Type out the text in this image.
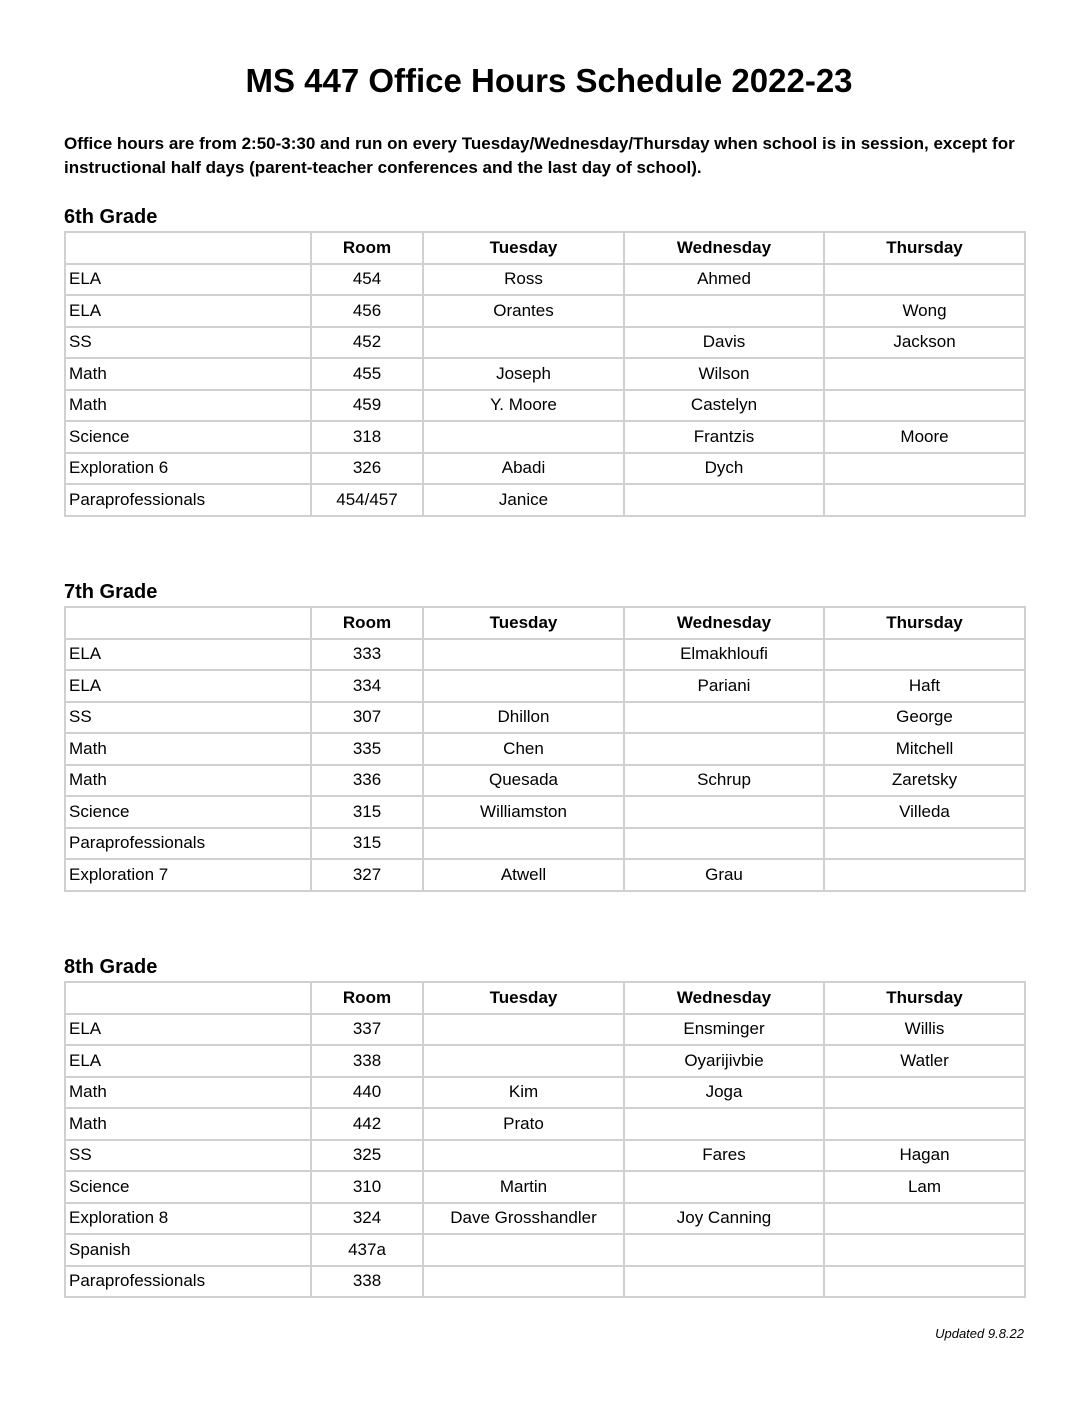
MS 447 Office Hours Schedule 2022-23

Office hours are from 2:50-3:30 and run on every Tuesday/Wednesday/Thursday when school is in session, except for instructional half days (parent-teacher conferences and the last day of school).

6th Grade
	Room	Tuesday	Wednesday	Thursday
ELA	454	Ross	Ahmed	
ELA	456	Orantes		Wong
SS	452		Davis	Jackson
Math	455	Joseph	Wilson	
Math	459	Y. Moore	Castelyn	
Science	318		Frantzis	Moore
Exploration 6	326	Abadi	Dych	
Paraprofessionals	454/457	Janice		
7th Grade
	Room	Tuesday	Wednesday	Thursday
ELA	333		Elmakhloufi	
ELA	334		Pariani	Haft
SS	307	Dhillon		George
Math	335	Chen		Mitchell
Math	336	Quesada	Schrup	Zaretsky
Science	315	Williamston		Villeda
Paraprofessionals	315			
Exploration 7	327	Atwell	Grau	
8th Grade
	Room	Tuesday	Wednesday	Thursday
ELA	337		Ensminger	Willis
ELA	338		Oyarijivbie	Watler
Math	440	Kim	Joga	
Math	442	Prato		
SS	325		Fares	Hagan
Science	310	Martin		Lam
Exploration 8	324	Dave Grosshandler	Joy Canning	
Spanish	437a			
Paraprofessionals	338			

Updated 9.8.22
